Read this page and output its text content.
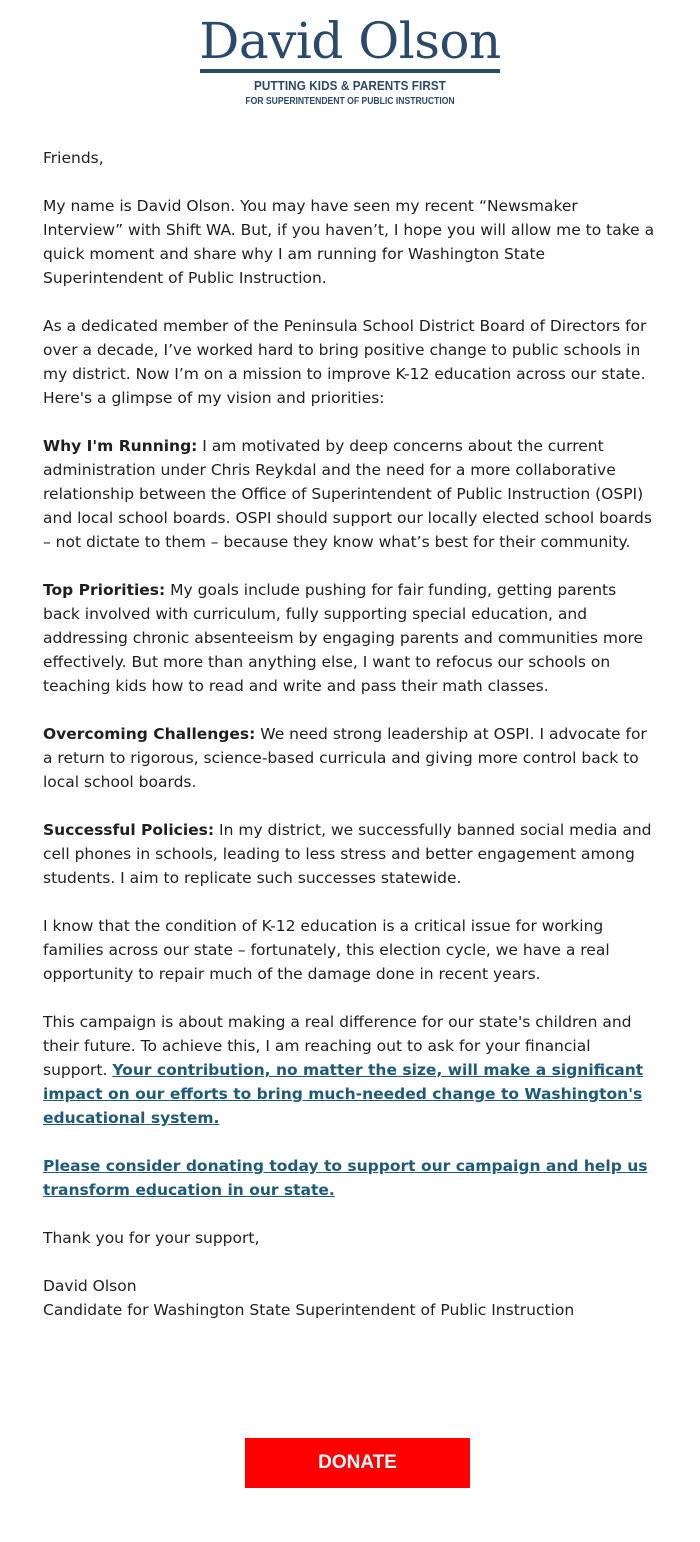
David Olson
PUTTING KIDS & PARENTS FIRST
FOR SUPERINTENDENT OF PUBLIC INSTRUCTION

Friends,

My name is David Olson. You may have seen my recent “Newsmaker Interview” with Shift WA. But, if you haven’t, I hope you will allow me to take a quick moment and share why I am running for Washington State Superintendent of Public Instruction.

As a dedicated member of the Peninsula School District Board of Directors for over a decade, I’ve worked hard to bring positive change to public schools in my district. Now I’m on a mission to improve K-12 education across our state. Here's a glimpse of my vision and priorities:

Why I'm Running: I am motivated by deep concerns about the current administration under Chris Reykdal and the need for a more collaborative relationship between the Office of Superintendent of Public Instruction (OSPI) and local school boards. OSPI should support our locally elected school boards – not dictate to them – because they know what’s best for their community.

Top Priorities: My goals include pushing for fair funding, getting parents back involved with curriculum, fully supporting special education, and addressing chronic absenteeism by engaging parents and communities more effectively. But more than anything else, I want to refocus our schools on teaching kids how to read and write and pass their math classes.

Overcoming Challenges: We need strong leadership at OSPI. I advocate for a return to rigorous, science-based curricula and giving more control back to local school boards.

Successful Policies: In my district, we successfully banned social media and cell phones in schools, leading to less stress and better engagement among students. I aim to replicate such successes statewide.

I know that the condition of K-12 education is a critical issue for working families across our state – fortunately, this election cycle, we have a real opportunity to repair much of the damage done in recent years.

This campaign is about making a real difference for our state's children and their future. To achieve this, I am reaching out to ask for your financial support. Your contribution, no matter the size, will make a significant impact on our efforts to bring much-needed change to Washington's educational system.

Please consider donating today to support our campaign and help us transform education in our state.

Thank you for your support,

David Olson
Candidate for Washington State Superintendent of Public Instruction

DONATE
